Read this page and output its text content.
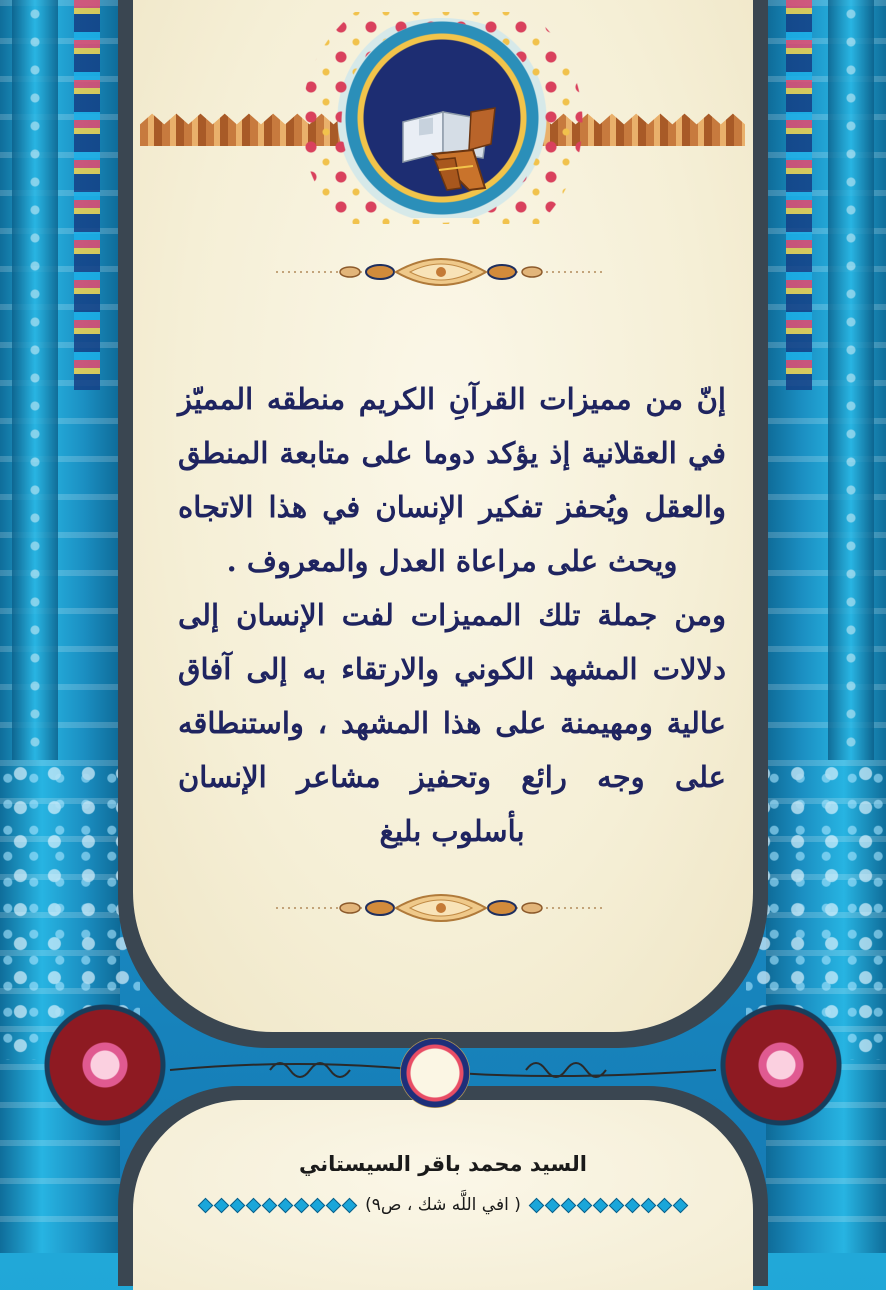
إنّ من مميزات القرآنِ الكريم منطقه المميّز في العقلانية إذ يؤكد دوما على متابعة المنطق والعقل ويُحفز تفكير الإنسان في هذا الاتجاه ويحث على مراعاة العدل والمعروف .

ومن جملة تلك المميزات لفت الإنسان إلى دلالات المشهد الكوني والارتقاء به إلى آفاق عالية ومهيمنة على هذا المشهد ، واستنطاقه على وجه رائع وتحفيز مشاعر الإنسان بأسلوب بليغ

السيد محمد باقر السيستاني
( افي اللَّه شك ، ص٩)
